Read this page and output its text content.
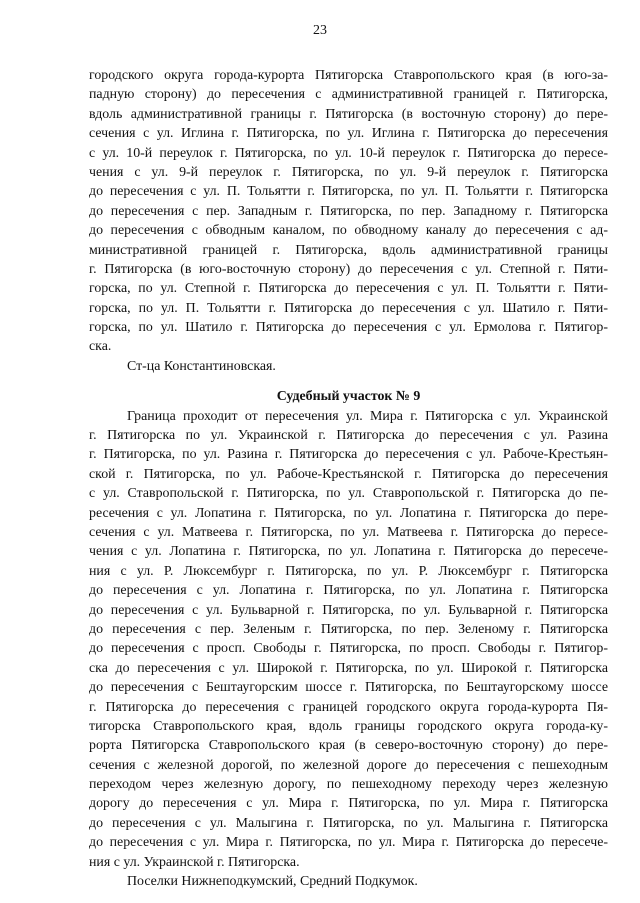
23
городского округа города-курорта Пятигорска Ставропольского края (в юго-за-
падную сторону) до пересечения с административной границей г. Пятигорска,
вдоль административной границы г. Пятигорска (в восточную сторону) до пере-
сечения с ул. Иглина г. Пятигорска, по ул. Иглина г. Пятигорска до пересечения
с ул. 10-й переулок г. Пятигорска, по ул. 10-й переулок г. Пятигорска до пересе-
чения с ул. 9-й переулок г. Пятигорска, по ул. 9-й переулок г. Пятигорска
до пересечения с ул. П. Тольятти г. Пятигорска, по ул. П. Тольятти г. Пятигорска
до пересечения с пер. Западным г. Пятигорска, по пер. Западному г. Пятигорска
до пересечения с обводным каналом, по обводному каналу до пересечения с ад-
министративной границей г. Пятигорска, вдоль административной границы
г. Пятигорска (в юго-восточную сторону) до пересечения с ул. Степной г. Пяти-
горска, по ул. Степной г. Пятигорска до пересечения с ул. П. Тольятти г. Пяти-
горска, по ул. П. Тольятти г. Пятигорска до пересечения с ул. Шатило г. Пяти-
горска, по ул. Шатило г. Пятигорска до пересечения с ул. Ермолова г. Пятигор-
ска.
Ст-ца Константиновская.
Судебный участок № 9
Граница проходит от пересечения ул. Мира г. Пятигорска с ул. Украинской
г. Пятигорска по ул. Украинской г. Пятигорска до пересечения с ул. Разина
г. Пятигорска, по ул. Разина г. Пятигорска до пересечения с ул. Рабоче-Крестьян-
ской г. Пятигорска, по ул. Рабоче-Крестьянской г. Пятигорска до пересечения
с ул. Ставропольской г. Пятигорска, по ул. Ставропольской г. Пятигорска до пе-
ресечения с ул. Лопатина г. Пятигорска, по ул. Лопатина г. Пятигорска до пере-
сечения с ул. Матвеева г. Пятигорска, по ул. Матвеева г. Пятигорска до пересе-
чения с ул. Лопатина г. Пятигорска, по ул. Лопатина г. Пятигорска до пересече-
ния с ул. Р. Люксембург г. Пятигорска, по ул. Р. Люксембург г. Пятигорска
до пересечения с ул. Лопатина г. Пятигорска, по ул. Лопатина г. Пятигорска
до пересечения с ул. Бульварной г. Пятигорска, по ул. Бульварной г. Пятигорска
до пересечения с пер. Зеленым г. Пятигорска, по пер. Зеленому г. Пятигорска
до пересечения с просп. Свободы г. Пятигорска, по просп. Свободы г. Пятигор-
ска до пересечения с ул. Широкой г. Пятигорска, по ул. Широкой г. Пятигорска
до пересечения с Бештаугорским шоссе г. Пятигорска, по Бештаугорскому шоссе
г. Пятигорска до пересечения с границей городского округа города-курорта Пя-
тигорска Ставропольского края, вдоль границы городского округа города-ку-
рорта Пятигорска Ставропольского края (в северо-восточную сторону) до пере-
сечения с железной дорогой, по железной дороге до пересечения с пешеходным
переходом через железную дорогу, по пешеходному переходу через железную
дорогу до пересечения с ул. Мира г. Пятигорска, по ул. Мира г. Пятигорска
до пересечения с ул. Малыгина г. Пятигорска, по ул. Малыгина г. Пятигорска
до пересечения с ул. Мира г. Пятигорска, по ул. Мира г. Пятигорска до пересече-
ния с ул. Украинской г. Пятигорска.
Поселки Нижнеподкумский, Средний Подкумок.
